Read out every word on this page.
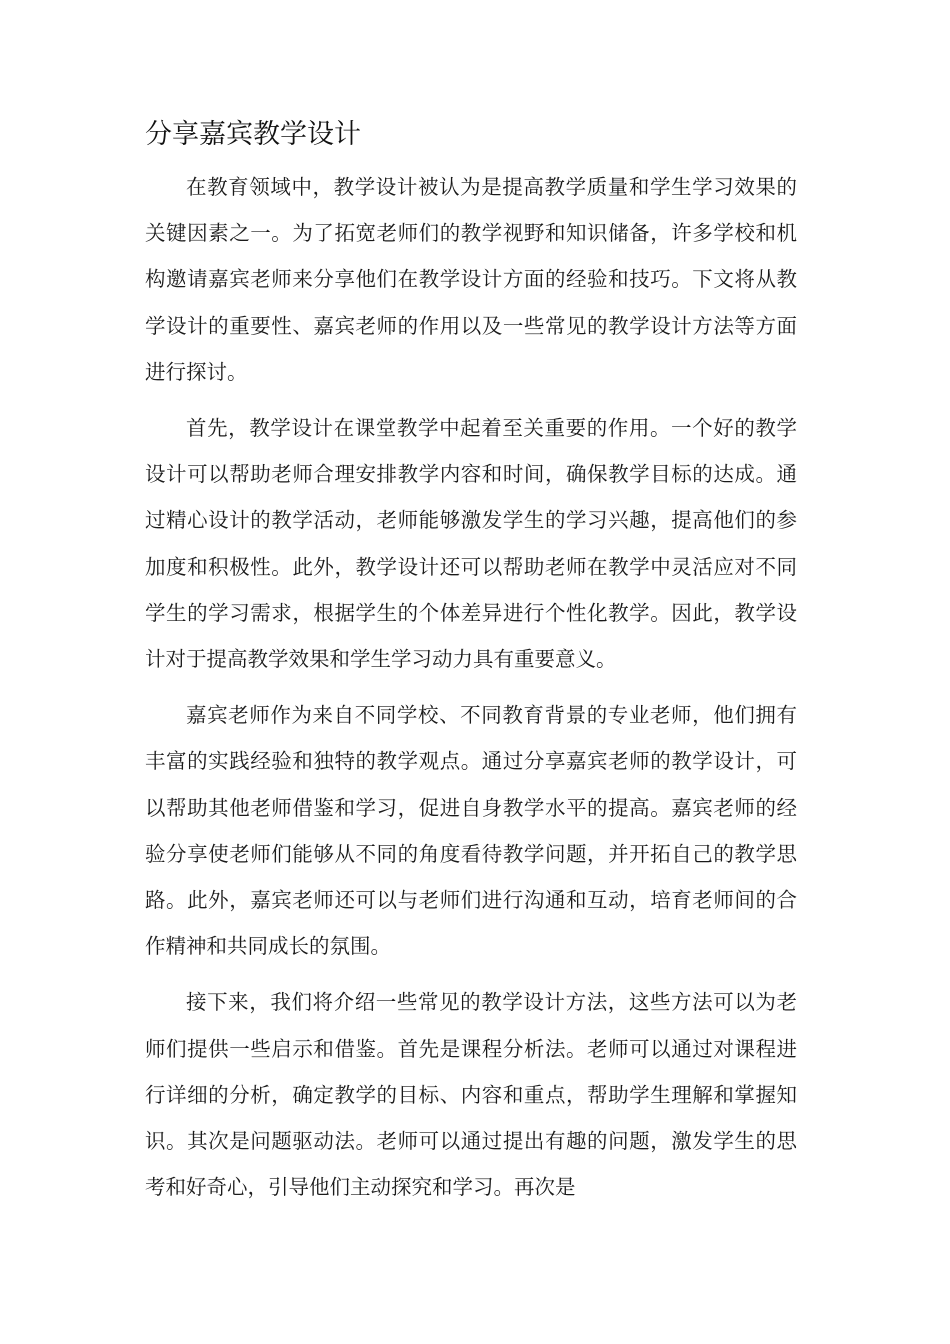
分享嘉宾教学设计

在教育领域中，教学设计被认为是提高教学质量和学生学习效果的关键因素之一。为了拓宽老师们的教学视野和知识储备，许多学校和机构邀请嘉宾老师来分享他们在教学设计方面的经验和技巧。下文将从教学设计的重要性、嘉宾老师的作用以及一些常见的教学设计方法等方面进行探讨。

首先，教学设计在课堂教学中起着至关重要的作用。一个好的教学设计可以帮助老师合理安排教学内容和时间，确保教学目标的达成。通过精心设计的教学活动，老师能够激发学生的学习兴趣，提高他们的参加度和积极性。此外，教学设计还可以帮助老师在教学中灵活应对不同学生的学习需求，根据学生的个体差异进行个性化教学。因此，教学设计对于提高教学效果和学生学习动力具有重要意义。

嘉宾老师作为来自不同学校、不同教育背景的专业老师，他们拥有丰富的实践经验和独特的教学观点。通过分享嘉宾老师的教学设计，可以帮助其他老师借鉴和学习，促进自身教学水平的提高。嘉宾老师的经验分享使老师们能够从不同的角度看待教学问题，并开拓自己的教学思路。此外，嘉宾老师还可以与老师们进行沟通和互动，培育老师间的合作精神和共同成长的氛围。

接下来，我们将介绍一些常见的教学设计方法，这些方法可以为老师们提供一些启示和借鉴。首先是课程分析法。老师可以通过对课程进行详细的分析，确定教学的目标、内容和重点，帮助学生理解和掌握知识。其次是问题驱动法。老师可以通过提出有趣的问题，激发学生的思考和好奇心，引导他们主动探究和学习。再次是
